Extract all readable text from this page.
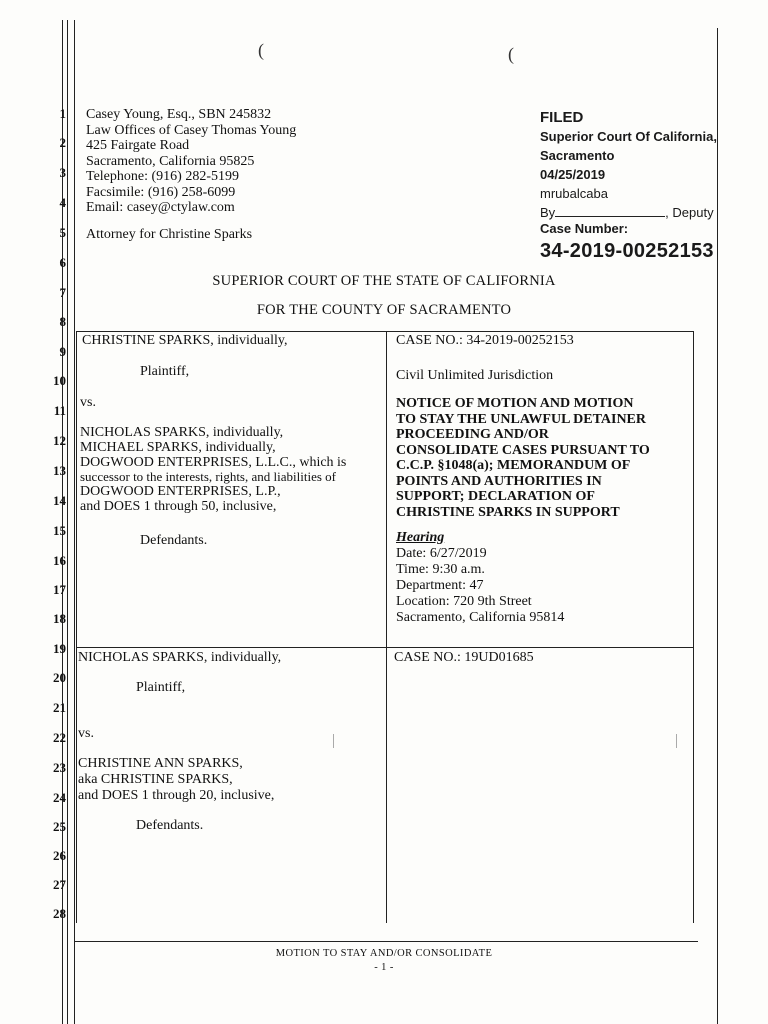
(	(
1
2
3
4
5
6
7
8
9
10
11
12
13
14
15
16
17
18
19
20
21
22
23
24
25
26
27
28
Casey Young, Esq., SBN 245832
Law Offices of Casey Thomas Young
425 Fairgate Road
Sacramento, California 95825
Telephone: (916) 282-5199
Facsimile: (916) 258-6099
Email: casey@ctylaw.com
Attorney for Christine Sparks
FILED
Superior Court Of California,
Sacramento
04/25/2019
mrubalcaba
By	, Deputy
Case Number:
34-2019-00252153
SUPERIOR COURT OF THE STATE OF CALIFORNIA
FOR THE COUNTY OF SACRAMENTO
CHRISTINE SPARKS, individually,
Plaintiff,
vs.
NICHOLAS SPARKS, individually,
MICHAEL SPARKS, individually,
DOGWOOD ENTERPRISES, L.L.C., which is
successor to the interests, rights, and liabilities of
DOGWOOD ENTERPRISES, L.P.,
and DOES 1 through 50, inclusive,
Defendants.
CASE NO.: 34-2019-00252153
Civil Unlimited Jurisdiction
NOTICE OF MOTION AND MOTION
TO STAY THE UNLAWFUL DETAINER
PROCEEDING AND/OR
CONSOLIDATE CASES PURSUANT TO
C.C.P. §1048(a); MEMORANDUM OF
POINTS AND AUTHORITIES IN
SUPPORT; DECLARATION OF
CHRISTINE SPARKS IN SUPPORT
Hearing
Date: 6/27/2019
Time: 9:30 a.m.
Department: 47
Location: 720 9th Street
Sacramento, California 95814
NICHOLAS SPARKS, individually,
Plaintiff,
vs.
CHRISTINE ANN SPARKS,
aka CHRISTINE SPARKS,
and DOES 1 through 20, inclusive,
Defendants.
CASE NO.: 19UD01685
MOTION TO STAY AND/OR CONSOLIDATE
- 1 -
